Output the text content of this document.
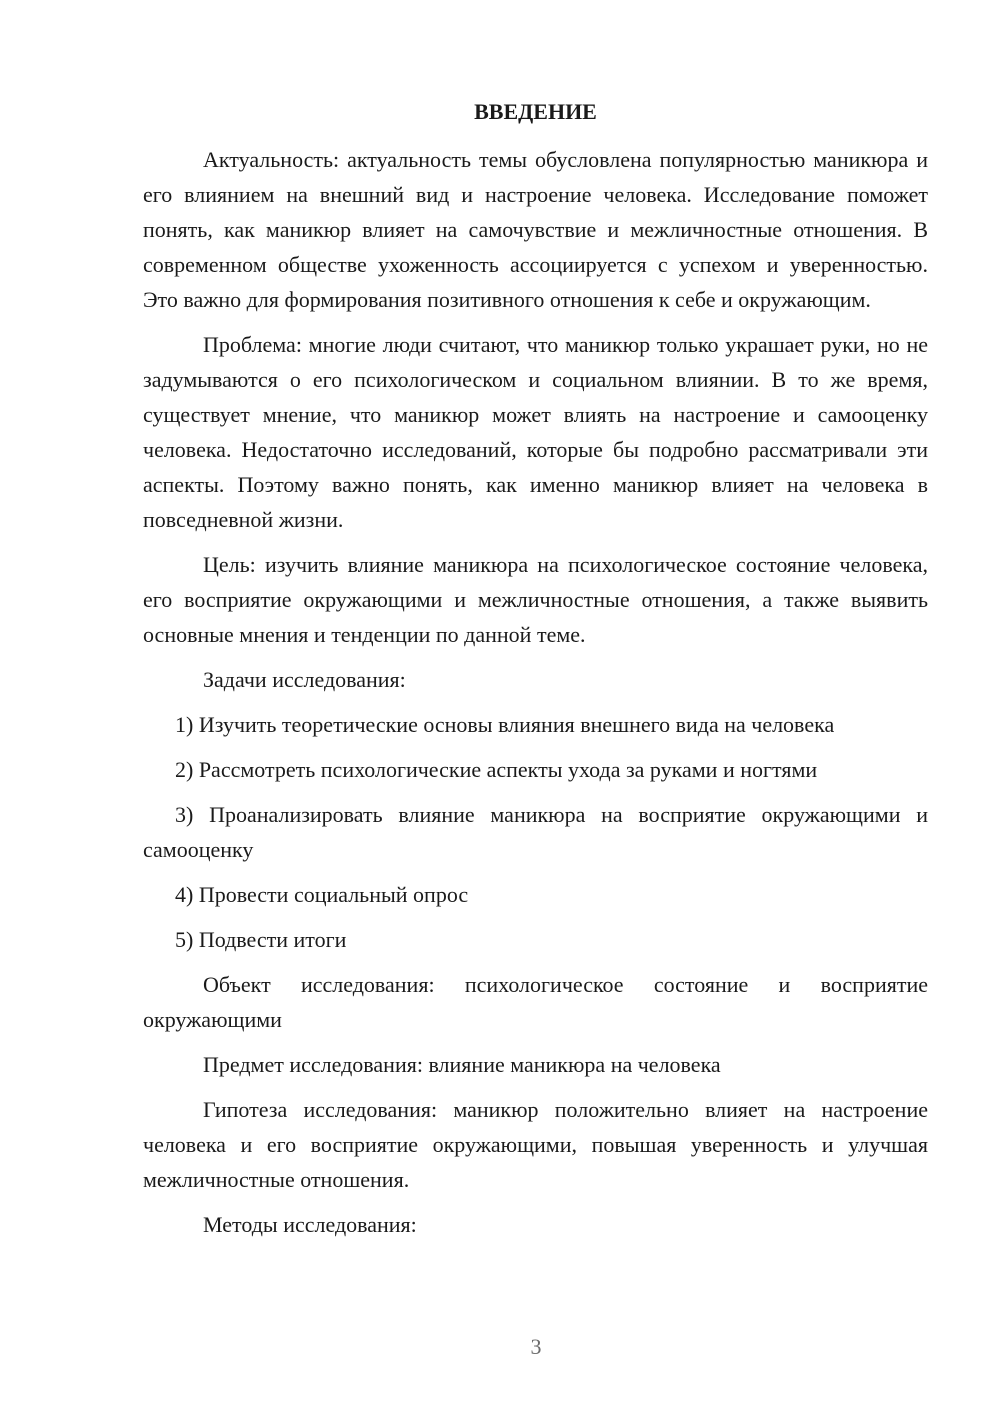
ВВЕДЕНИЕ

Актуальность: актуальность темы обусловлена популярностью маникюра и его влиянием на внешний вид и настроение человека. Исследование поможет понять, как маникюр влияет на самочувствие и межличностные отношения. В современном обществе ухоженность ассоциируется с успехом и уверенностью. Это важно для формирования позитивного отношения к себе и окружающим.

Проблема: многие люди считают, что маникюр только украшает руки, но не задумываются о его психологическом и социальном влиянии. В то же время, существует мнение, что маникюр может влиять на настроение и самооценку человека. Недостаточно исследований, которые бы подробно рассматривали эти аспекты. Поэтому важно понять, как именно маникюр влияет на человека в повседневной жизни.

Цель: изучить влияние маникюра на психологическое состояние человека, его восприятие окружающими и межличностные отношения, а также выявить основные мнения и тенденции по данной теме.

Задачи исследования:

1) Изучить теоретические основы влияния внешнего вида на человека

2) Рассмотреть психологические аспекты ухода за руками и ногтями

3) Проанализировать влияние маникюра на восприятие окружающими и самооценку

4) Провести социальный опрос

5) Подвести итоги

Объект исследования: психологическое состояние и восприятие окружающими

Предмет исследования: влияние маникюра на человека

Гипотеза исследования: маникюр положительно влияет на настроение человека и его восприятие окружающими, повышая уверенность и улучшая межличностные отношения.

Методы исследования:

3
